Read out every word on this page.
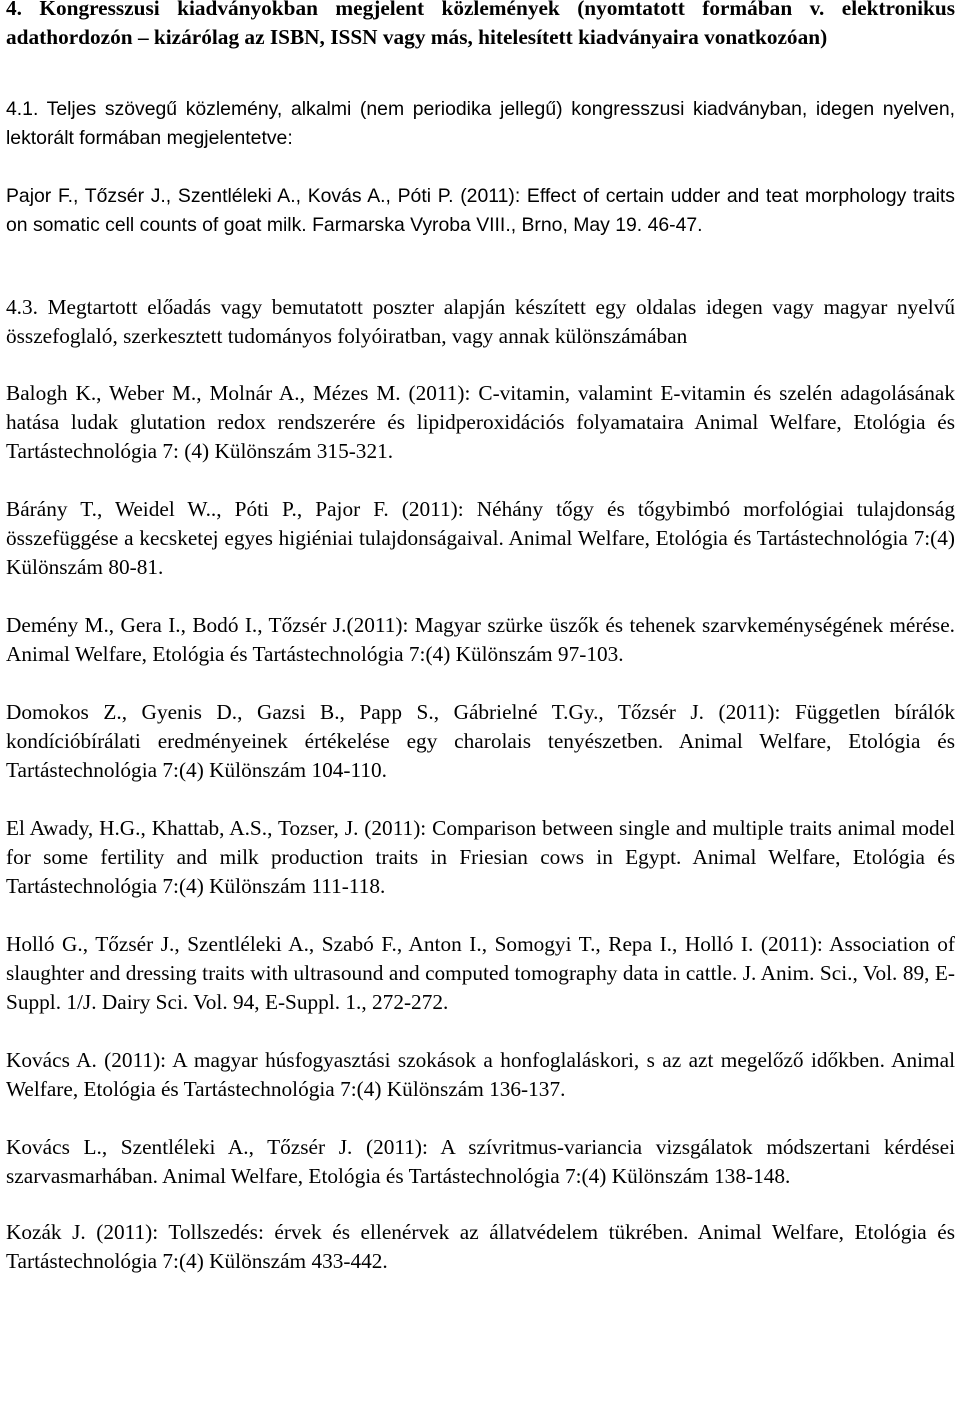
4. Kongresszusi kiadványokban megjelent közlemények (nyomtatott formában v. elektronikus adathordozón – kizárólag az ISBN, ISSN vagy más, hitelesített kiadványaira vonatkozóan)

4.1. Teljes szövegű közlemény, alkalmi (nem periodika jellegű) kongresszusi kiadványban, idegen nyelven, lektorált formában megjelentetve:

Pajor F., Tőzsér J., Szentléleki A., Kovás A., Póti P. (2011): Effect of certain udder and teat morphology traits on somatic cell counts of goat milk. Farmarska Vyroba VIII., Brno, May 19. 46-47.

4.3. Megtartott előadás vagy bemutatott poszter alapján készített egy oldalas idegen vagy magyar nyelvű összefoglaló, szerkesztett tudományos folyóiratban, vagy annak különszámában

Balogh K., Weber M., Molnár A., Mézes M. (2011): C-vitamin, valamint E-vitamin és szelén adagolásának hatása ludak glutation redox rendszerére és lipidperoxidációs folyamataira Animal Welfare, Etológia és Tartástechnológia 7: (4) Különszám 315-321.

Bárány T., Weidel W.., Póti P., Pajor F. (2011): Néhány tőgy és tőgybimbó morfológiai tulajdonság összefüggése a kecsketej egyes higiéniai tulajdonságaival. Animal Welfare, Etológia és Tartástechnológia 7:(4) Különszám 80-81.

Demény M., Gera I., Bodó I., Tőzsér J.(2011): Magyar szürke üszők és tehenek szarvkeménységének mérése. Animal Welfare, Etológia és Tartástechnológia 7:(4) Különszám 97-103.

Domokos Z., Gyenis D., Gazsi B., Papp S., Gábrielné T.Gy., Tőzsér J. (2011): Független bírálók kondícióbírálati eredményeinek értékelése egy charolais tenyészetben. Animal Welfare, Etológia és Tartástechnológia 7:(4) Különszám 104-110.

El Awady, H.G., Khattab, A.S., Tozser, J. (2011): Comparison between single and multiple traits animal model for some fertility and milk production traits in Friesian cows in Egypt. Animal Welfare, Etológia és Tartástechnológia 7:(4) Különszám 111-118.

Holló G., Tőzsér J., Szentléleki A., Szabó F., Anton I., Somogyi T., Repa I., Holló I. (2011): Association of slaughter and dressing traits with ultrasound and computed tomography data in cattle. J. Anim. Sci., Vol. 89, E-Suppl. 1/J. Dairy Sci. Vol. 94, E-Suppl. 1., 272-272.

Kovács A. (2011): A magyar húsfogyasztási szokások a honfoglaláskori, s az azt megelőző időkben. Animal Welfare, Etológia és Tartástechnológia 7:(4) Különszám 136-137.

Kovács L., Szentléleki A., Tőzsér J. (2011): A szívritmus-variancia vizsgálatok módszertani kérdései szarvasmarhában. Animal Welfare, Etológia és Tartástechnológia 7:(4) Különszám 138-148.

Kozák J. (2011): Tollszedés: érvek és ellenérvek az állatvédelem tükrében. Animal Welfare, Etológia és Tartástechnológia 7:(4) Különszám 433-442.
